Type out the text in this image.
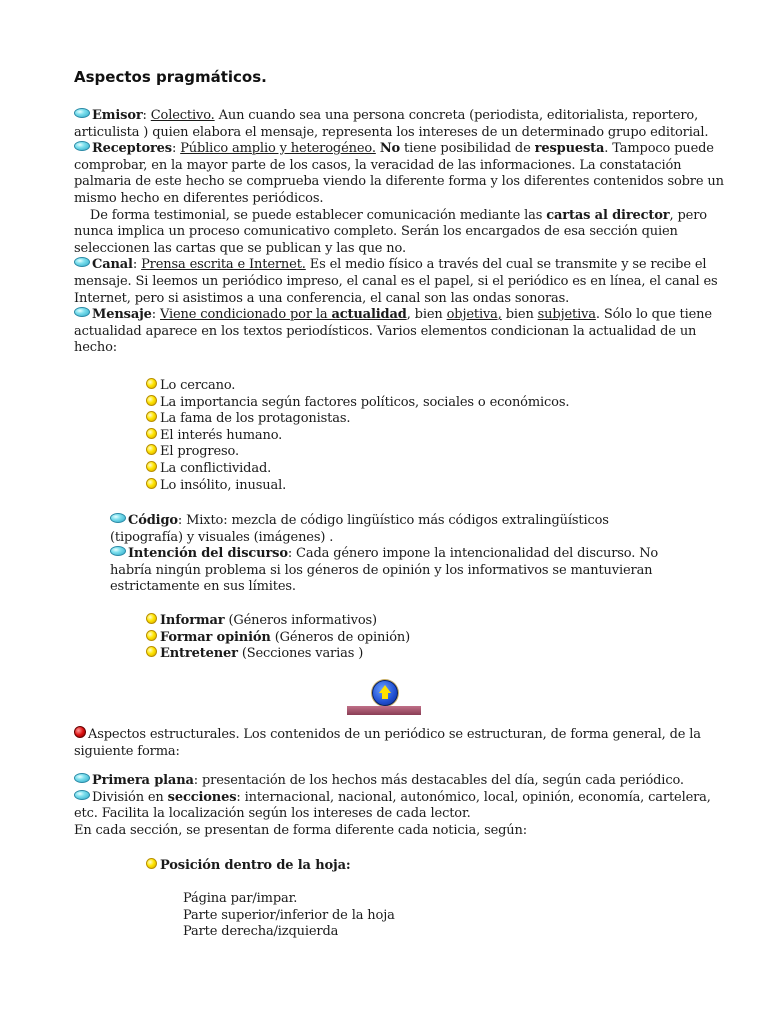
Aspectos pragmáticos.
Emisor: Colectivo. Aun cuando sea una persona concreta (periodista, editorialista, reportero,
articulista ) quien elabora el mensaje, representa los intereses de un determinado grupo editorial.
Receptores: Público amplio y heterogéneo. No tiene posibilidad de respuesta. Tampoco puede
comprobar, en la mayor parte de los casos, la veracidad de las informaciones. La constatación
palmaria de este hecho se comprueba viendo la diferente forma y los diferentes contenidos sobre un
mismo hecho en diferentes periódicos.
De forma testimonial, se puede establecer comunicación mediante las cartas al director, pero
nunca implica un proceso comunicativo completo. Serán los encargados de esa sección quien
seleccionen las cartas que se publican y las que no.
Canal: Prensa escrita e Internet. Es el medio físico a través del cual se transmite y se recibe el
mensaje. Si leemos un periódico impreso, el canal es el papel, si el periódico es en línea, el canal es
Internet, pero si asistimos a una conferencia, el canal son las ondas sonoras.
Mensaje: Viene condicionado por la actualidad, bien objetiva, bien subjetiva. Sólo lo que tiene
actualidad aparece en los textos periodísticos. Varios elementos condicionan la actualidad de un
hecho:
Lo cercano.
La importancia según factores políticos, sociales o económicos.
La fama de los protagonistas.
El interés humano.
El progreso.
La conflictividad.
Lo insólito, inusual.
Código: Mixto: mezcla de código lingüístico más códigos extralingüísticos
(tipografía) y visuales (imágenes) .
Intención del discurso: Cada género impone la intencionalidad del discurso. No
habría ningún problema si los géneros de opinión y los informativos se mantuvieran
estrictamente en sus límites.
Informar (Géneros informativos)
Formar opinión (Géneros de opinión)
Entretener (Secciones varias )
Aspectos estructurales. Los contenidos de un periódico se estructuran, de forma general, de la
siguiente forma:
Primera plana: presentación de los hechos más destacables del día, según cada periódico.
División en secciones: internacional, nacional, autonómico, local, opinión, economía, cartelera,
etc. Facilita la localización según los intereses de cada lector.
En cada sección, se presentan de forma diferente cada noticia, según:
Posición dentro de la hoja:
Página par/impar.
Parte superior/inferior de la hoja
Parte derecha/izquierda
